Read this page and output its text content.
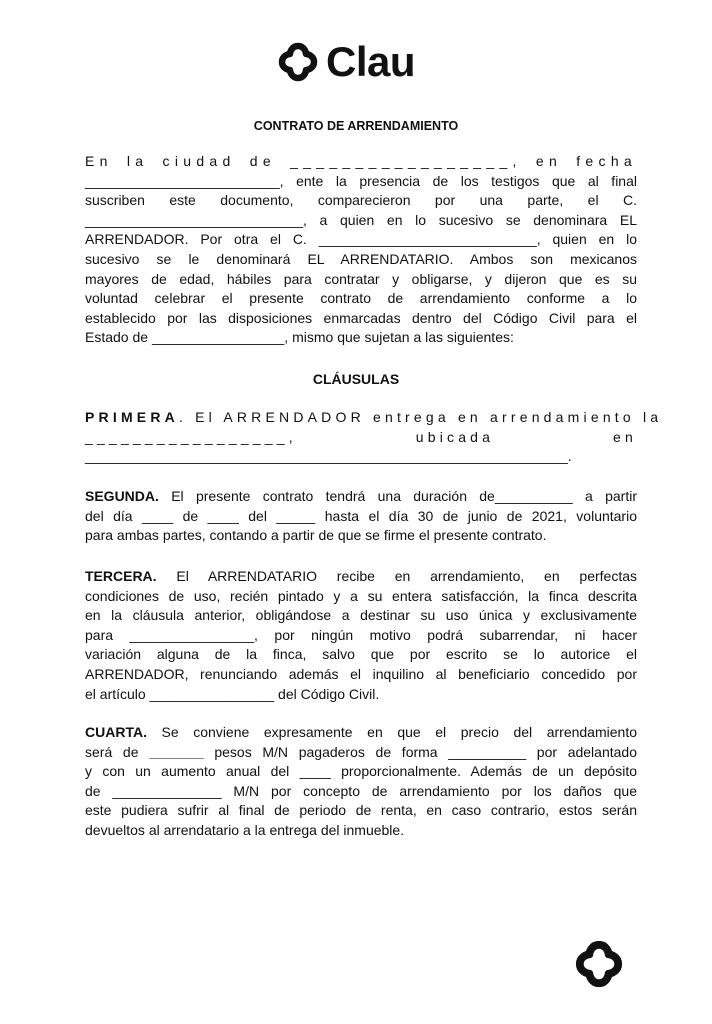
Clau
CONTRATO DE ARRENDAMIENTO
En la ciudad de _________________, en fecha
_________________________, ente la presencia de los testigos que al final
suscriben este documento, comparecieron por una parte, el C.
____________________________, a quien en lo sucesivo se denominara EL
ARRENDADOR. Por otra el C. ____________________________, quien en lo
sucesivo se le denominará EL ARRENDATARIO. Ambos son mexicanos
mayores de edad, hábiles para contratar y obligarse, y dijeron que es su
voluntad celebrar el presente contrato de arrendamiento conforme a lo
establecido por las disposiciones enmarcadas dentro del Código Civil para el
Estado de _________________, mismo que sujetan a las siguientes:
CLÁUSULAS
PRIMERA. El ARRENDADOR entrega en arrendamiento la
_________________, ubicada en
______________________________________________________________.
SEGUNDA. El presente contrato tendrá una duración de__________ a partir
del día ____ de ____ del _____ hasta el día 30 de junio de 2021, voluntario
para ambas partes, contando a partir de que se firme el presente contrato.
TERCERA. El ARRENDATARIO recibe en arrendamiento, en perfectas
condiciones de uso, recién pintado y a su entera satisfacción, la finca descrita
en la cláusula anterior, obligándose a destinar su uso única y exclusivamente
para ________________, por ningún motivo podrá subarrendar, ni hacer
variación alguna de la finca, salvo que por escrito se lo autorice el
ARRENDADOR, renunciando además el inquilino al beneficiario concedido por
el artículo ________________ del Código Civil.
CUARTA. Se conviene expresamente en que el precio del arrendamiento
será de _______ pesos M/N pagaderos de forma __________ por adelantado
y con un aumento anual del ____ proporcionalmente. Además de un depósito
de ______________ M/N por concepto de arrendamiento por los daños que
este pudiera sufrir al final de periodo de renta, en caso contrario, estos serán
devueltos al arrendatario a la entrega del inmueble.
